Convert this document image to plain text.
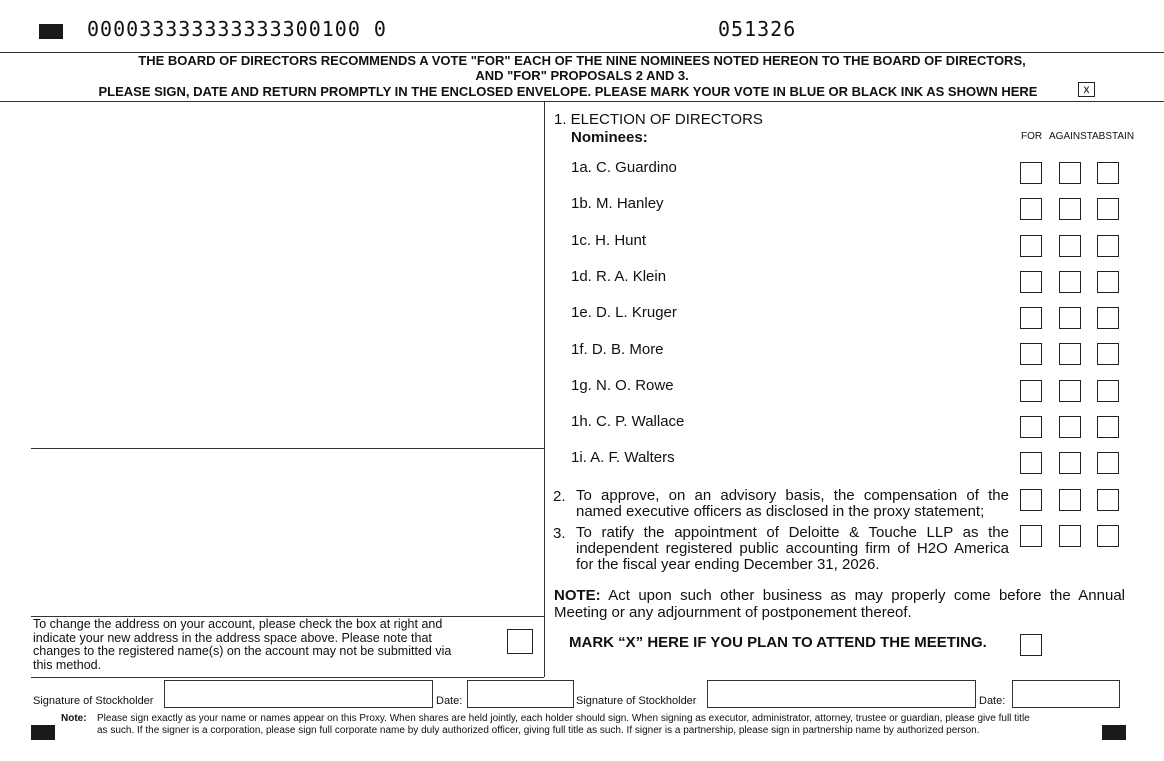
000033333333333300100 0	051326
THE BOARD OF DIRECTORS RECOMMENDS A VOTE "FOR" EACH OF THE NINE NOMINEES NOTED HEREON TO THE BOARD OF DIRECTORS,
AND "FOR" PROPOSALS 2 AND 3.
PLEASE SIGN, DATE AND RETURN PROMPTLY IN THE ENCLOSED ENVELOPE. PLEASE MARK YOUR VOTE IN BLUE OR BLACK INK AS SHOWN HERE	x
To change the address on your account, please check the box at right and
indicate your new address in the address space above. Please note that
changes to the registered name(s) on the account may not be submitted via
this method.
1. ELECTION OF DIRECTORS
Nominees:	FOR AGAINST ABSTAIN
1a. C. Guardino
1b. M. Hanley
1c. H. Hunt
1d. R. A. Klein
1e. D. L. Kruger
1f. D. B. More
1g. N. O. Rowe
1h. C. P. Wallace
1i. A. F. Walters
2. To approve, on an advisory basis, the compensation of the
named executive officers as disclosed in the proxy statement;
3. To ratify the appointment of Deloitte & Touche LLP as the
independent registered public accounting firm of H2O America
for the fiscal year ending December 31, 2026.
NOTE: Act upon such other business as may properly come before the Annual
Meeting or any adjournment of postponement thereof.
MARK “X” HERE IF YOU PLAN TO ATTEND THE MEETING.
Signature of Stockholder	Date:	Signature of Stockholder	Date:
Note: Please sign exactly as your name or names appear on this Proxy. When shares are held jointly, each holder should sign. When signing as executor, administrator, attorney, trustee or guardian, please give full title
as such. If the signer is a corporation, please sign full corporate name by duly authorized officer, giving full title as such. If signer is a partnership, please sign in partnership name by authorized person.
